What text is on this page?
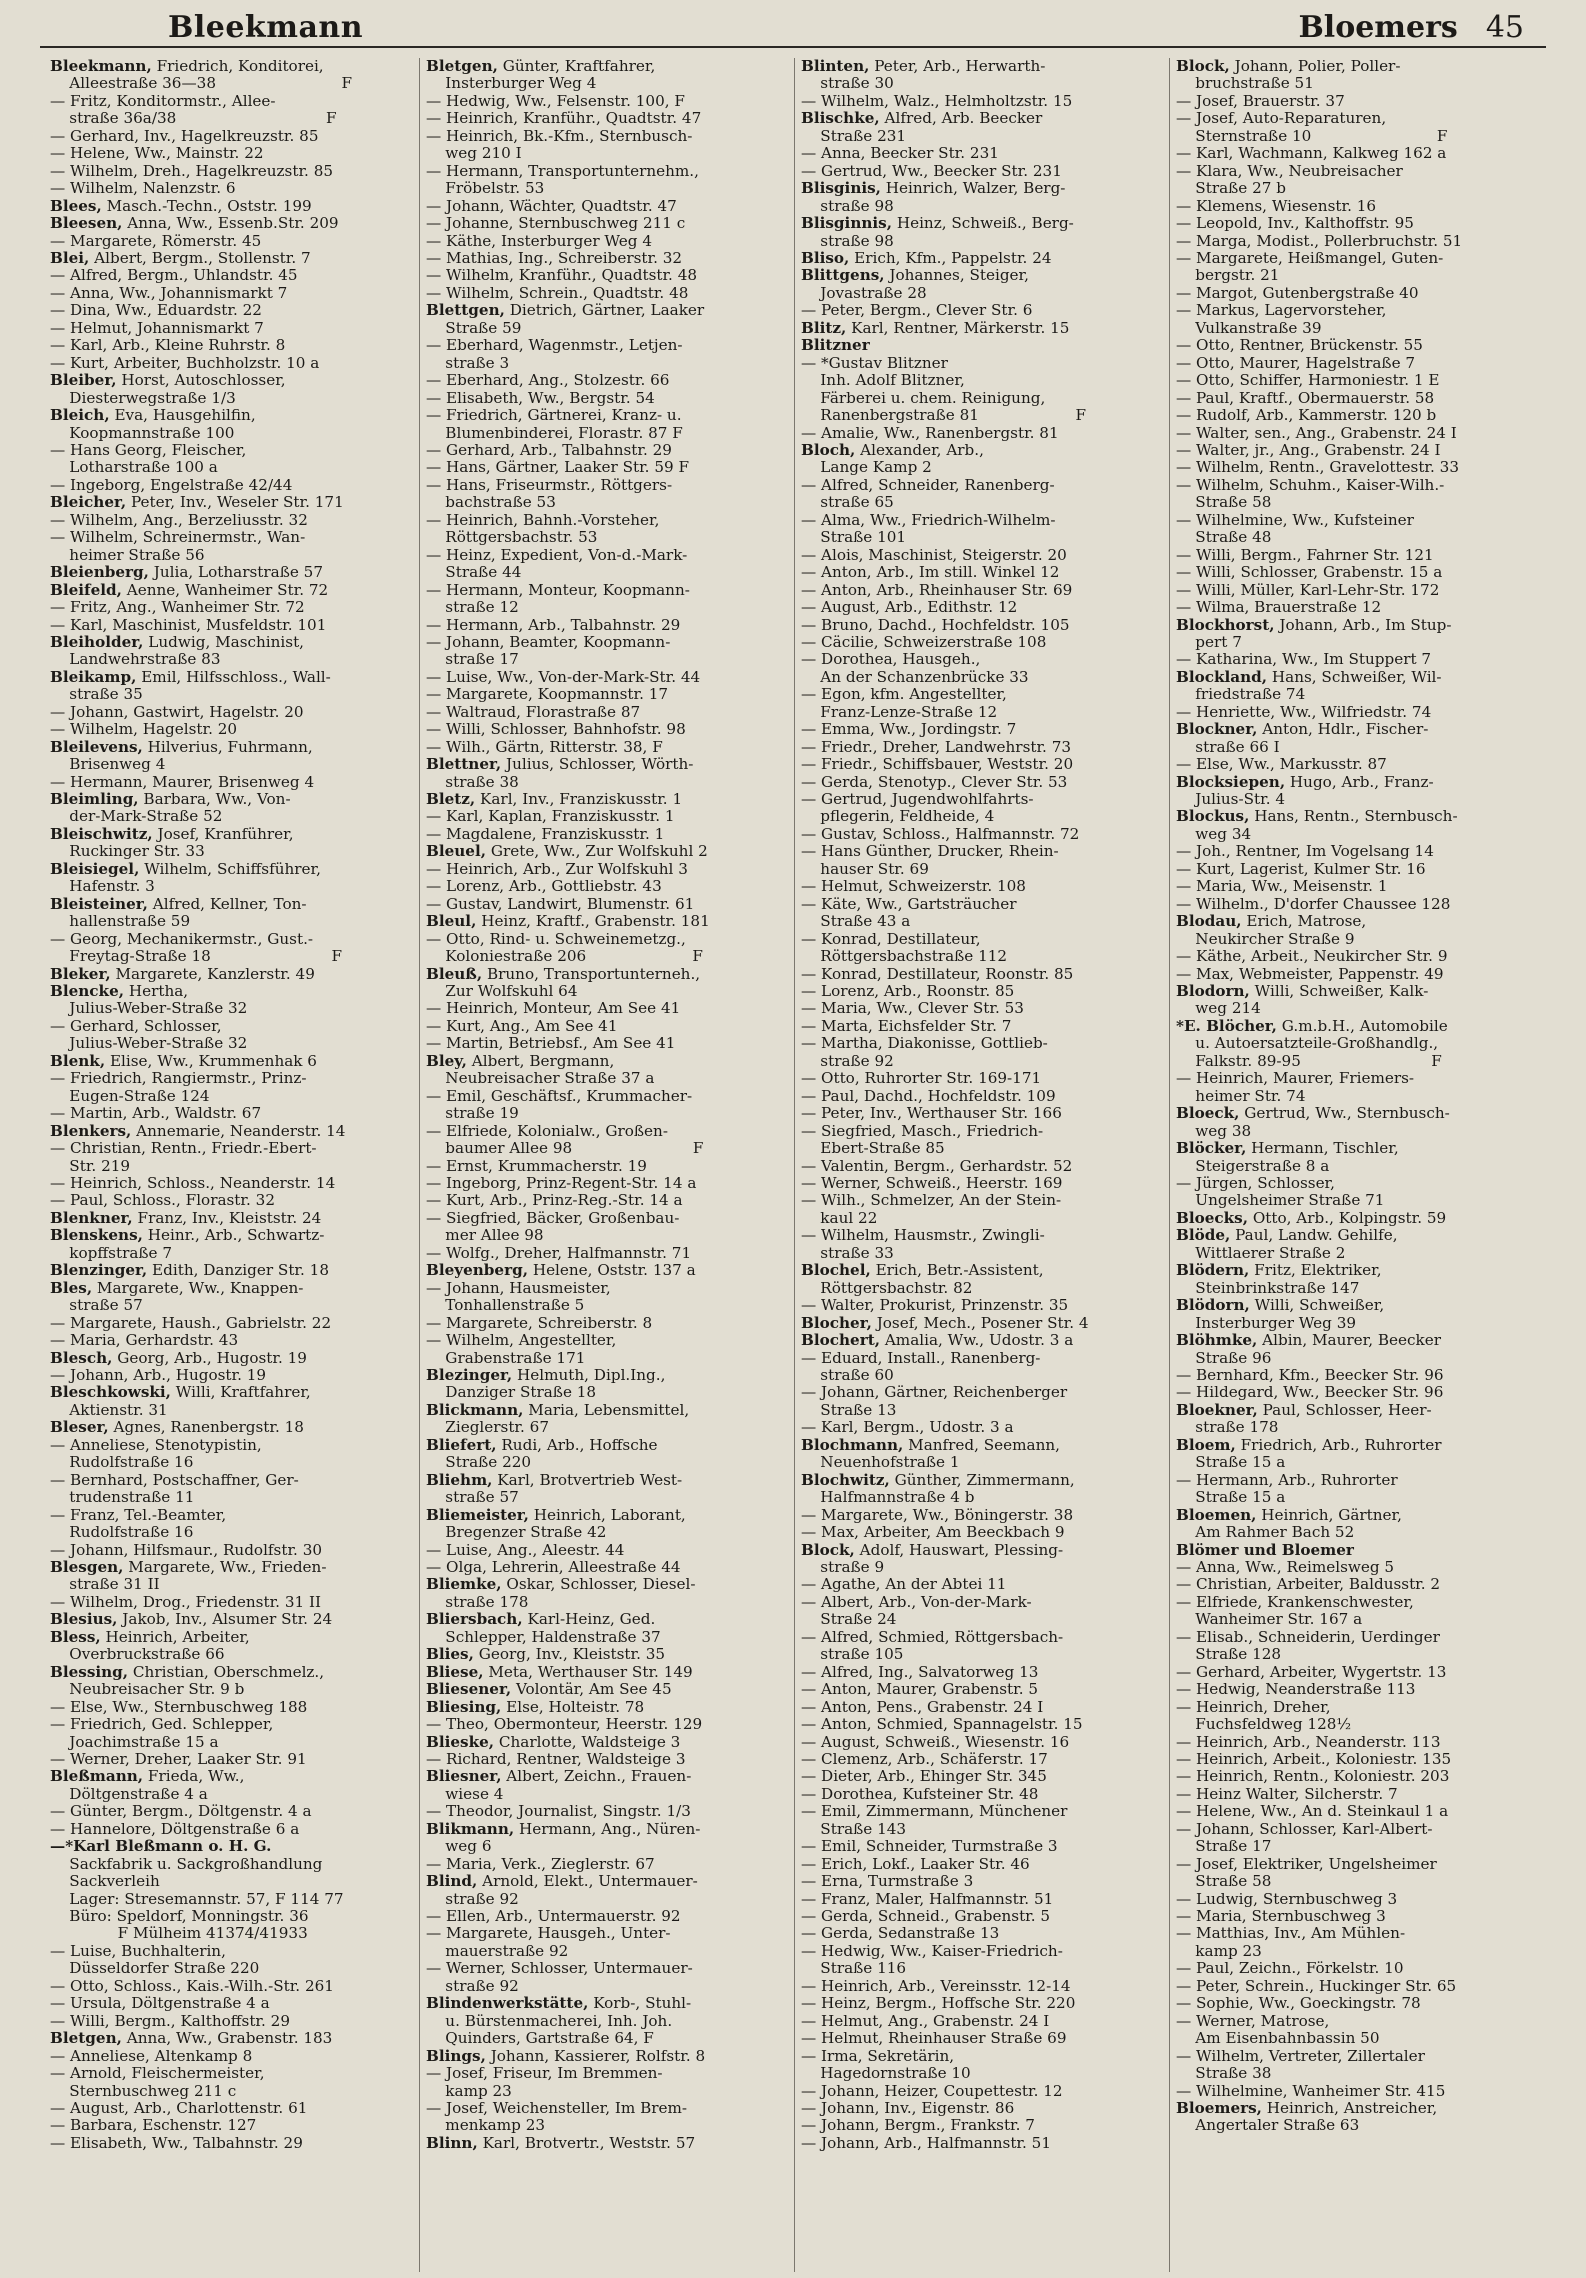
Bleekmann	Bloemers 45
Bleekmann, Friedrich, Konditorei,
Alleestraße 36—38                          F
— Fritz, Konditormstr., Allee-
straße 36a/38                               F
— Gerhard, Inv., Hagelkreuzstr. 85
— Helene, Ww., Mainstr. 22
— Wilhelm, Dreh., Hagelkreuzstr. 85
— Wilhelm, Nalenzstr. 6
Blees, Masch.-Techn., Oststr. 199
Bleesen, Anna, Ww., Essenb.Str. 209
— Margarete, Römerstr. 45
Blei, Albert, Bergm., Stollenstr. 7
— Alfred, Bergm., Uhlandstr. 45
— Anna, Ww., Johannismarkt 7
— Dina, Ww., Eduardstr. 22
— Helmut, Johannismarkt 7
— Karl, Arb., Kleine Ruhrstr. 8
— Kurt, Arbeiter, Buchholzstr. 10 a
Bleiber, Horst, Autoschlosser,
Diesterwegstraße 1/3
Bleich, Eva, Hausgehilfin,
Koopmannstraße 100
— Hans Georg, Fleischer,
Lotharstraße 100 a
— Ingeborg, Engelstraße 42/44
Bleicher, Peter, Inv., Weseler Str. 171
— Wilhelm, Ang., Berzeliusstr. 32
— Wilhelm, Schreinermstr., Wan-
heimer Straße 56
Bleienberg, Julia, Lotharstraße 57
Bleifeld, Aenne, Wanheimer Str. 72
— Fritz, Ang., Wanheimer Str. 72
— Karl, Maschinist, Musfeldstr. 101
Bleiholder, Ludwig, Maschinist,
Landwehrstraße 83
Bleikamp, Emil, Hilfsschloss., Wall-
straße 35
— Johann, Gastwirt, Hagelstr. 20
— Wilhelm, Hagelstr. 20
Bleilevens, Hilverius, Fuhrmann,
Brisenweg 4
— Hermann, Maurer, Brisenweg 4
Bleimling, Barbara, Ww., Von-
der-Mark-Straße 52
Bleischwitz, Josef, Kranführer,
Ruckinger Str. 33
Bleisiegel, Wilhelm, Schiffsführer,
Hafenstr. 3
Bleisteiner, Alfred, Kellner, Ton-
hallenstraße 59
— Georg, Mechanikermstr., Gust.-
Freytag-Straße 18                         F
Bleker, Margarete, Kanzlerstr. 49
Blencke, Hertha,
Julius-Weber-Straße 32
— Gerhard, Schlosser,
Julius-Weber-Straße 32
Blenk, Elise, Ww., Krummenhak 6
— Friedrich, Rangiermstr., Prinz-
Eugen-Straße 124
— Martin, Arb., Waldstr. 67
Blenkers, Annemarie, Neanderstr. 14
— Christian, Rentn., Friedr.-Ebert-
Str. 219
— Heinrich, Schloss., Neanderstr. 14
— Paul, Schloss., Florastr. 32
Blenkner, Franz, Inv., Kleiststr. 24
Blenskens, Heinr., Arb., Schwartz-
kopffstraße 7
Blenzinger, Edith, Danziger Str. 18
Bles, Margarete, Ww., Knappen-
straße 57
— Margarete, Haush., Gabrielstr. 22
— Maria, Gerhardstr. 43
Blesch, Georg, Arb., Hugostr. 19
— Johann, Arb., Hugostr. 19
Bleschkowski, Willi, Kraftfahrer,
Aktienstr. 31
Bleser, Agnes, Ranenbergstr. 18
— Anneliese, Stenotypistin,
Rudolfstraße 16
— Bernhard, Postschaffner, Ger-
trudenstraße 11
— Franz, Tel.-Beamter,
Rudolfstraße 16
— Johann, Hilfsmaur., Rudolfstr. 30
Blesgen, Margarete, Ww., Frieden-
straße 31 II
— Wilhelm, Drog., Friedenstr. 31 II
Blesius, Jakob, Inv., Alsumer Str. 24
Bless, Heinrich, Arbeiter,
Overbruckstraße 66
Blessing, Christian, Oberschmelz.,
Neubreisacher Str. 9 b
— Else, Ww., Sternbuschweg 188
— Friedrich, Ged. Schlepper,
Joachimstraße 15 a
— Werner, Dreher, Laaker Str. 91
Bleßmann, Frieda, Ww.,
Döltgenstraße 4 a
— Günter, Bergm., Döltgenstr. 4 a
— Hannelore, Döltgenstraße 6 a
—*Karl Bleßmann o. H. G.
Sackfabrik u. Sackgroßhandlung
Sackverleih
Lager: Stresemannstr. 57, F 114 77
Büro: Speldorf, Monningstr. 36
F Mülheim 41374/41933
— Luise, Buchhalterin,
Düsseldorfer Straße 220
— Otto, Schloss., Kais.-Wilh.-Str. 261
— Ursula, Döltgenstraße 4 a
— Willi, Bergm., Kalthoffstr. 29
Bletgen, Anna, Ww., Grabenstr. 183
— Anneliese, Altenkamp 8
— Arnold, Fleischermeister,
Sternbuschweg 211 c
— August, Arb., Charlottenstr. 61
— Barbara, Eschenstr. 127
— Elisabeth, Ww., Talbahnstr. 29
Bletgen, Günter, Kraftfahrer,
Insterburger Weg 4
— Hedwig, Ww., Felsenstr. 100, F
— Heinrich, Kranführ., Quadtstr. 47
— Heinrich, Bk.-Kfm., Sternbusch-
weg 210 I
— Hermann, Transportunternehm.,
Fröbelstr. 53
— Johann, Wächter, Quadtstr. 47
— Johanne, Sternbuschweg 211 c
— Käthe, Insterburger Weg 4
— Mathias, Ing., Schreiberstr. 32
— Wilhelm, Kranführ., Quadtstr. 48
— Wilhelm, Schrein., Quadtstr. 48
Blettgen, Dietrich, Gärtner, Laaker
Straße 59
— Eberhard, Wagenmstr., Letjen-
straße 3
— Eberhard, Ang., Stolzestr. 66
— Elisabeth, Ww., Bergstr. 54
— Friedrich, Gärtnerei, Kranz- u.
Blumenbinderei, Florastr. 87 F
— Gerhard, Arb., Talbahnstr. 29
— Hans, Gärtner, Laaker Str. 59 F
— Hans, Friseurmstr., Röttgers-
bachstraße 53
— Heinrich, Bahnh.-Vorsteher,
Röttgersbachstr. 53
— Heinz, Expedient, Von-d.-Mark-
Straße 44
— Hermann, Monteur, Koopmann-
straße 12
— Hermann, Arb., Talbahnstr. 29
— Johann, Beamter, Koopmann-
straße 17
— Luise, Ww., Von-der-Mark-Str. 44
— Margarete, Koopmannstr. 17
— Waltraud, Florastraße 87
— Willi, Schlosser, Bahnhofstr. 98
— Wilh., Gärtn, Ritterstr. 38, F
Blettner, Julius, Schlosser, Wörth-
straße 38
Bletz, Karl, Inv., Franziskusstr. 1
— Karl, Kaplan, Franziskusstr. 1
— Magdalene, Franziskusstr. 1
Bleuel, Grete, Ww., Zur Wolfskuhl 2
— Heinrich, Arb., Zur Wolfskuhl 3
— Lorenz, Arb., Gottliebstr. 43
— Gustav, Landwirt, Blumenstr. 61
Bleul, Heinz, Kraftf., Grabenstr. 181
— Otto, Rind- u. Schweinemetzg.,
Koloniestraße 206                      F
Bleuß, Bruno, Transportunterneh.,
Zur Wolfskuhl 64
— Heinrich, Monteur, Am See 41
— Kurt, Ang., Am See 41
— Martin, Betriebsf., Am See 41
Bley, Albert, Bergmann,
Neubreisacher Straße 37 a
— Emil, Geschäftsf., Krummacher-
straße 19
— Elfriede, Kolonialw., Großen-
baumer Allee 98                         F
— Ernst, Krummacherstr. 19
— Ingeborg, Prinz-Regent-Str. 14 a
— Kurt, Arb., Prinz-Reg.-Str. 14 a
— Siegfried, Bäcker, Großenbau-
mer Allee 98
— Wolfg., Dreher, Halfmannstr. 71
Bleyenberg, Helene, Oststr. 137 a
— Johann, Hausmeister,
Tonhallenstraße 5
— Margarete, Schreiberstr. 8
— Wilhelm, Angestellter,
Grabenstraße 171
Blezinger, Helmuth, Dipl.Ing.,
Danziger Straße 18
Blickmann, Maria, Lebensmittel,
Zieglerstr. 67
Bliefert, Rudi, Arb., Hoffsche
Straße 220
Bliehm, Karl, Brotvertrieb West-
straße 57
Bliemeister, Heinrich, Laborant,
Bregenzer Straße 42
— Luise, Ang., Aleestr. 44
— Olga, Lehrerin, Alleestraße 44
Bliemke, Oskar, Schlosser, Diesel-
straße 178
Bliersbach, Karl-Heinz, Ged.
Schlepper, Haldenstraße 37
Blies, Georg, Inv., Kleiststr. 35
Bliese, Meta, Werthauser Str. 149
Bliesener, Volontär, Am See 45
Bliesing, Else, Holteistr. 78
— Theo, Obermonteur, Heerstr. 129
Blieske, Charlotte, Waldsteige 3
— Richard, Rentner, Waldsteige 3
Bliesner, Albert, Zeichn., Frauen-
wiese 4
— Theodor, Journalist, Singstr. 1/3
Blikmann, Hermann, Ang., Nüren-
weg 6
— Maria, Verk., Zieglerstr. 67
Blind, Arnold, Elekt., Untermauer-
straße 92
— Ellen, Arb., Untermauerstr. 92
— Margarete, Hausgeh., Unter-
mauerstraße 92
— Werner, Schlosser, Untermauer-
straße 92
Blindenwerkstätte, Korb-, Stuhl-
u. Bürstenmacherei, Inh. Joh.
Quinders, Gartstraße 64, F
Blings, Johann, Kassierer, Rolfstr. 8
— Josef, Friseur, Im Bremmen-
kamp 23
— Josef, Weichensteller, Im Brem-
menkamp 23
Blinn, Karl, Brotvertr., Weststr. 57
Blinten, Peter, Arb., Herwarth-
straße 30
— Wilhelm, Walz., Helmholtzstr. 15
Blischke, Alfred, Arb. Beecker
Straße 231
— Anna, Beecker Str. 231
— Gertrud, Ww., Beecker Str. 231
Blisginis, Heinrich, Walzer, Berg-
straße 98
Blisginnis, Heinz, Schweiß., Berg-
straße 98
Bliso, Erich, Kfm., Pappelstr. 24
Blittgens, Johannes, Steiger,
Jovastraße 28
— Peter, Bergm., Clever Str. 6
Blitz, Karl, Rentner, Märkerstr. 15
Blitzner
— *Gustav Blitzner
Inh. Adolf Blitzner,
Färberei u. chem. Reinigung,
Ranenbergstraße 81                    F
— Amalie, Ww., Ranenbergstr. 81
Bloch, Alexander, Arb.,
Lange Kamp 2
— Alfred, Schneider, Ranenberg-
straße 65
— Alma, Ww., Friedrich-Wilhelm-
Straße 101
— Alois, Maschinist, Steigerstr. 20
— Anton, Arb., Im still. Winkel 12
— Anton, Arb., Rheinhauser Str. 69
— August, Arb., Edithstr. 12
— Bruno, Dachd., Hochfeldstr. 105
— Cäcilie, Schweizerstraße 108
— Dorothea, Hausgeh.,
An der Schanzenbrücke 33
— Egon, kfm. Angestellter,
Franz-Lenze-Straße 12
— Emma, Ww., Jordingstr. 7
— Friedr., Dreher, Landwehrstr. 73
— Friedr., Schiffsbauer, Weststr. 20
— Gerda, Stenotyp., Clever Str. 53
— Gertrud, Jugendwohlfahrts-
pflegerin, Feldheide, 4
— Gustav, Schloss., Halfmannstr. 72
— Hans Günther, Drucker, Rhein-
hauser Str. 69
— Helmut, Schweizerstr. 108
— Käte, Ww., Gartsträucher
Straße 43 a
— Konrad, Destillateur,
Röttgersbachstraße 112
— Konrad, Destillateur, Roonstr. 85
— Lorenz, Arb., Roonstr. 85
— Maria, Ww., Clever Str. 53
— Marta, Eichsfelder Str. 7
— Martha, Diakonisse, Gottlieb-
straße 92
— Otto, Ruhrorter Str. 169-171
— Paul, Dachd., Hochfeldstr. 109
— Peter, Inv., Werthauser Str. 166
— Siegfried, Masch., Friedrich-
Ebert-Straße 85
— Valentin, Bergm., Gerhardstr. 52
— Werner, Schweiß., Heerstr. 169
— Wilh., Schmelzer, An der Stein-
kaul 22
— Wilhelm, Hausmstr., Zwingli-
straße 33
Blochel, Erich, Betr.-Assistent,
Röttgersbachstr. 82
— Walter, Prokurist, Prinzenstr. 35
Blocher, Josef, Mech., Posener Str. 4
Blochert, Amalia, Ww., Udostr. 3 a
— Eduard, Install., Ranenberg-
straße 60
— Johann, Gärtner, Reichenberger
Straße 13
— Karl, Bergm., Udostr. 3 a
Blochmann, Manfred, Seemann,
Neuenhofstraße 1
Blochwitz, Günther, Zimmermann,
Halfmannstraße 4 b
— Margarete, Ww., Böningerstr. 38
— Max, Arbeiter, Am Beeckbach 9
Block, Adolf, Hauswart, Plessing-
straße 9
— Agathe, An der Abtei 11
— Albert, Arb., Von-der-Mark-
Straße 24
— Alfred, Schmied, Röttgersbach-
straße 105
— Alfred, Ing., Salvatorweg 13
— Anton, Maurer, Grabenstr. 5
— Anton, Pens., Grabenstr. 24 I
— Anton, Schmied, Spannagelstr. 15
— August, Schweiß., Wiesenstr. 16
— Clemenz, Arb., Schäferstr. 17
— Dieter, Arb., Ehinger Str. 345
— Dorothea, Kufsteiner Str. 48
— Emil, Zimmermann, Münchener
Straße 143
— Emil, Schneider, Turmstraße 3
— Erich, Lokf., Laaker Str. 46
— Erna, Turmstraße 3
— Franz, Maler, Halfmannstr. 51
— Gerda, Schneid., Grabenstr. 5
— Gerda, Sedanstraße 13
— Hedwig, Ww., Kaiser-Friedrich-
Straße 116
— Heinrich, Arb., Vereinsstr. 12-14
— Heinz, Bergm., Hoffsche Str. 220
— Helmut, Ang., Grabenstr. 24 I
— Helmut, Rheinhauser Straße 69
— Irma, Sekretärin,
Hagedornstraße 10
— Johann, Heizer, Coupettestr. 12
— Johann, Inv., Eigenstr. 86
— Johann, Bergm., Frankstr. 7
— Johann, Arb., Halfmannstr. 51
Block, Johann, Polier, Poller-
bruchstraße 51
— Josef, Brauerstr. 37
— Josef, Auto-Reparaturen,
Sternstraße 10                          F
— Karl, Wachmann, Kalkweg 162 a
— Klara, Ww., Neubreisacher
Straße 27 b
— Klemens, Wiesenstr. 16
— Leopold, Inv., Kalthoffstr. 95
— Marga, Modist., Pollerbruchstr. 51
— Margarete, Heißmangel, Guten-
bergstr. 21
— Margot, Gutenbergstraße 40
— Markus, Lagervorsteher,
Vulkanstraße 39
— Otto, Rentner, Brückenstr. 55
— Otto, Maurer, Hagelstraße 7
— Otto, Schiffer, Harmoniestr. 1 E
— Paul, Kraftf., Obermauerstr. 58
— Rudolf, Arb., Kammerstr. 120 b
— Walter, sen., Ang., Grabenstr. 24 I
— Walter, jr., Ang., Grabenstr. 24 I
— Wilhelm, Rentn., Gravelottestr. 33
— Wilhelm, Schuhm., Kaiser-Wilh.-
Straße 58
— Wilhelmine, Ww., Kufsteiner
Straße 48
— Willi, Bergm., Fahrner Str. 121
— Willi, Schlosser, Grabenstr. 15 a
— Willi, Müller, Karl-Lehr-Str. 172
— Wilma, Brauerstraße 12
Blockhorst, Johann, Arb., Im Stup-
pert 7
— Katharina, Ww., Im Stuppert 7
Blockland, Hans, Schweißer, Wil-
friedstraße 74
— Henriette, Ww., Wilfriedstr. 74
Blockner, Anton, Hdlr., Fischer-
straße 66 I
— Else, Ww., Markusstr. 87
Blocksiepen, Hugo, Arb., Franz-
Julius-Str. 4
Blockus, Hans, Rentn., Sternbusch-
weg 34
— Joh., Rentner, Im Vogelsang 14
— Kurt, Lagerist, Kulmer Str. 16
— Maria, Ww., Meisenstr. 1
— Wilhelm., D'dorfer Chaussee 128
Blodau, Erich, Matrose,
Neukircher Straße 9
— Käthe, Arbeit., Neukircher Str. 9
— Max, Webmeister, Pappenstr. 49
Blodorn, Willi, Schweißer, Kalk-
weg 214
*E. Blöcher, G.m.b.H., Automobile
u. Autoersatzteile-Großhandlg.,
Falkstr. 89-95                           F
— Heinrich, Maurer, Friemers-
heimer Str. 74
Bloeck, Gertrud, Ww., Sternbusch-
weg 38
Blöcker, Hermann, Tischler,
Steigerstraße 8 a
— Jürgen, Schlosser,
Ungelsheimer Straße 71
Bloecks, Otto, Arb., Kolpingstr. 59
Blöde, Paul, Landw. Gehilfe,
Wittlaerer Straße 2
Blödern, Fritz, Elektriker,
Steinbrinkstraße 147
Blödorn, Willi, Schweißer,
Insterburger Weg 39
Blöhmke, Albin, Maurer, Beecker
Straße 96
— Bernhard, Kfm., Beecker Str. 96
— Hildegard, Ww., Beecker Str. 96
Bloekner, Paul, Schlosser, Heer-
straße 178
Bloem, Friedrich, Arb., Ruhrorter
Straße 15 a
— Hermann, Arb., Ruhrorter
Straße 15 a
Bloemen, Heinrich, Gärtner,
Am Rahmer Bach 52
Blömer und Bloemer
— Anna, Ww., Reimelsweg 5
— Christian, Arbeiter, Baldusstr. 2
— Elfriede, Krankenschwester,
Wanheimer Str. 167 a
— Elisab., Schneiderin, Uerdinger
Straße 128
— Gerhard, Arbeiter, Wygertstr. 13
— Hedwig, Neanderstraße 113
— Heinrich, Dreher,
Fuchsfeldweg 128½
— Heinrich, Arb., Neanderstr. 113
— Heinrich, Arbeit., Koloniestr. 135
— Heinrich, Rentn., Koloniestr. 203
— Heinz Walter, Silcherstr. 7
— Helene, Ww., An d. Steinkaul 1 a
— Johann, Schlosser, Karl-Albert-
Straße 17
— Josef, Elektriker, Ungelsheimer
Straße 58
— Ludwig, Sternbuschweg 3
— Maria, Sternbuschweg 3
— Matthias, Inv., Am Mühlen-
kamp 23
— Paul, Zeichn., Förkelstr. 10
— Peter, Schrein., Huckinger Str. 65
— Sophie, Ww., Goeckingstr. 78
— Werner, Matrose,
Am Eisenbahnbassin 50
— Wilhelm, Vertreter, Zillertaler
Straße 38
— Wilhelmine, Wanheimer Str. 415
Bloemers, Heinrich, Anstreicher,
Angertaler Straße 63
